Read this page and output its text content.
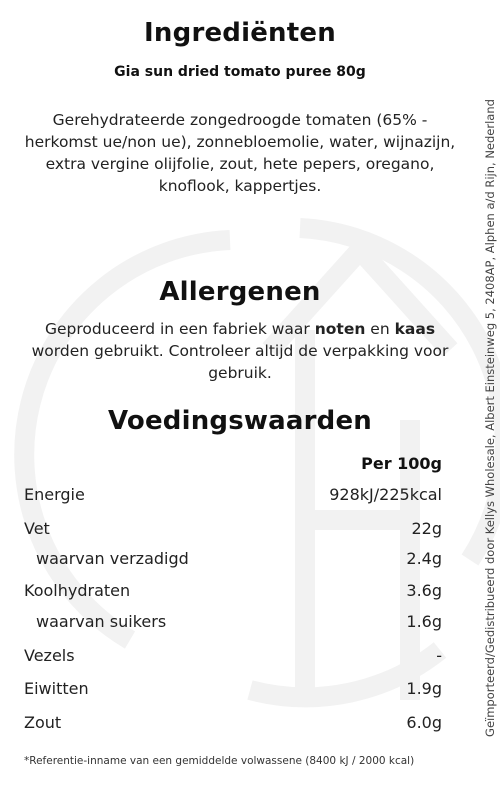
Ingrediënten
Gia sun dried tomato puree 80g
Gerehydrateerde zongedroogde tomaten (65% -
herkomst ue/non ue), zonnebloemolie, water, wijnazijn,
extra vergine olijfolie, zout, hete pepers, oregano,
knoflook, kappertjes.
Allergenen
Geproduceerd in een fabriek waar noten en kaas
worden gebruikt. Controleer altijd de verpakking voor
gebruik.
Voedingswaarden
Per 100g
Energie	928kJ/225kcal
Vet	22g
waarvan verzadigd	2.4g
Koolhydraten	3.6g
waarvan suikers	1.6g
Vezels	-
Eiwitten	1.9g
Zout	6.0g
*Referentie-inname van een gemiddelde volwassene (8400 kJ / 2000 kcal)
Geïmporteerd/Gedistribueerd door Kellys Wholesale, Albert Einsteinweg 5, 2408AP, Alphen a/d Rijn, Nederland
